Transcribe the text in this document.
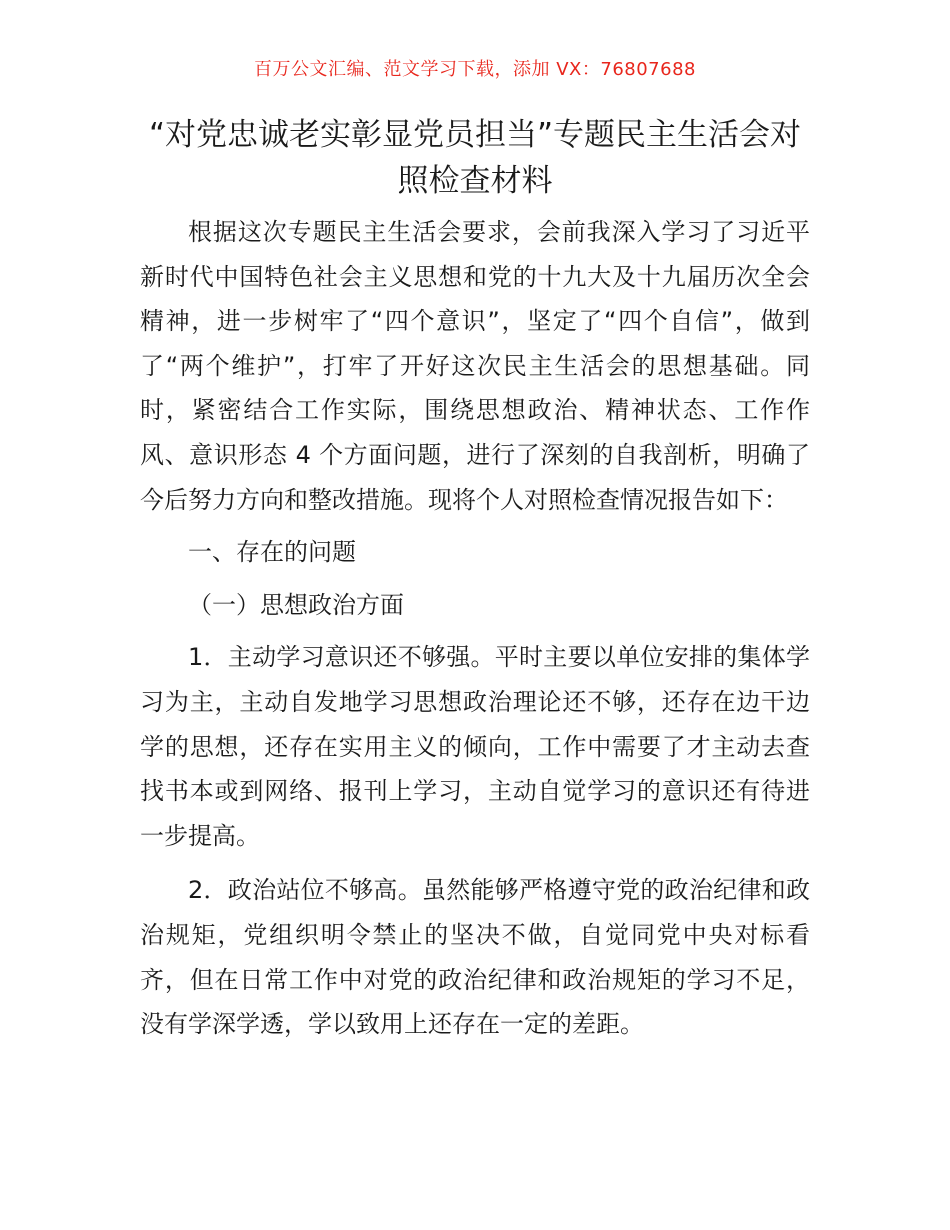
百万公文汇编、范文学习下载，添加 VX：76807688
“对党忠诚老实彰显党员担当”专题民主生活会对照检查材料

根据这次专题民主生活会要求，会前我深入学习了习近平新时代中国特色社会主义思想和党的十九大及十九届历次全会精神，进一步树牢了“四个意识”，坚定了“四个自信”，做到了“两个维护”，打牢了开好这次民主生活会的思想基础。同时，紧密结合工作实际，围绕思想政治、精神状态、工作作风、意识形态 4 个方面问题，进行了深刻的自我剖析，明确了今后努力方向和整改措施。现将个人对照检查情况报告如下：

一、存在的问题

（一）思想政治方面

1．主动学习意识还不够强。平时主要以单位安排的集体学习为主，主动自发地学习思想政治理论还不够，还存在边干边学的思想，还存在实用主义的倾向，工作中需要了才主动去查找书本或到网络、报刊上学习，主动自觉学习的意识还有待进一步提高。

2．政治站位不够高。虽然能够严格遵守党的政治纪律和政治规矩，党组织明令禁止的坚决不做，自觉同党中央对标看齐，但在日常工作中对党的政治纪律和政治规矩的学习不足，没有学深学透，学以致用上还存在一定的差距。
